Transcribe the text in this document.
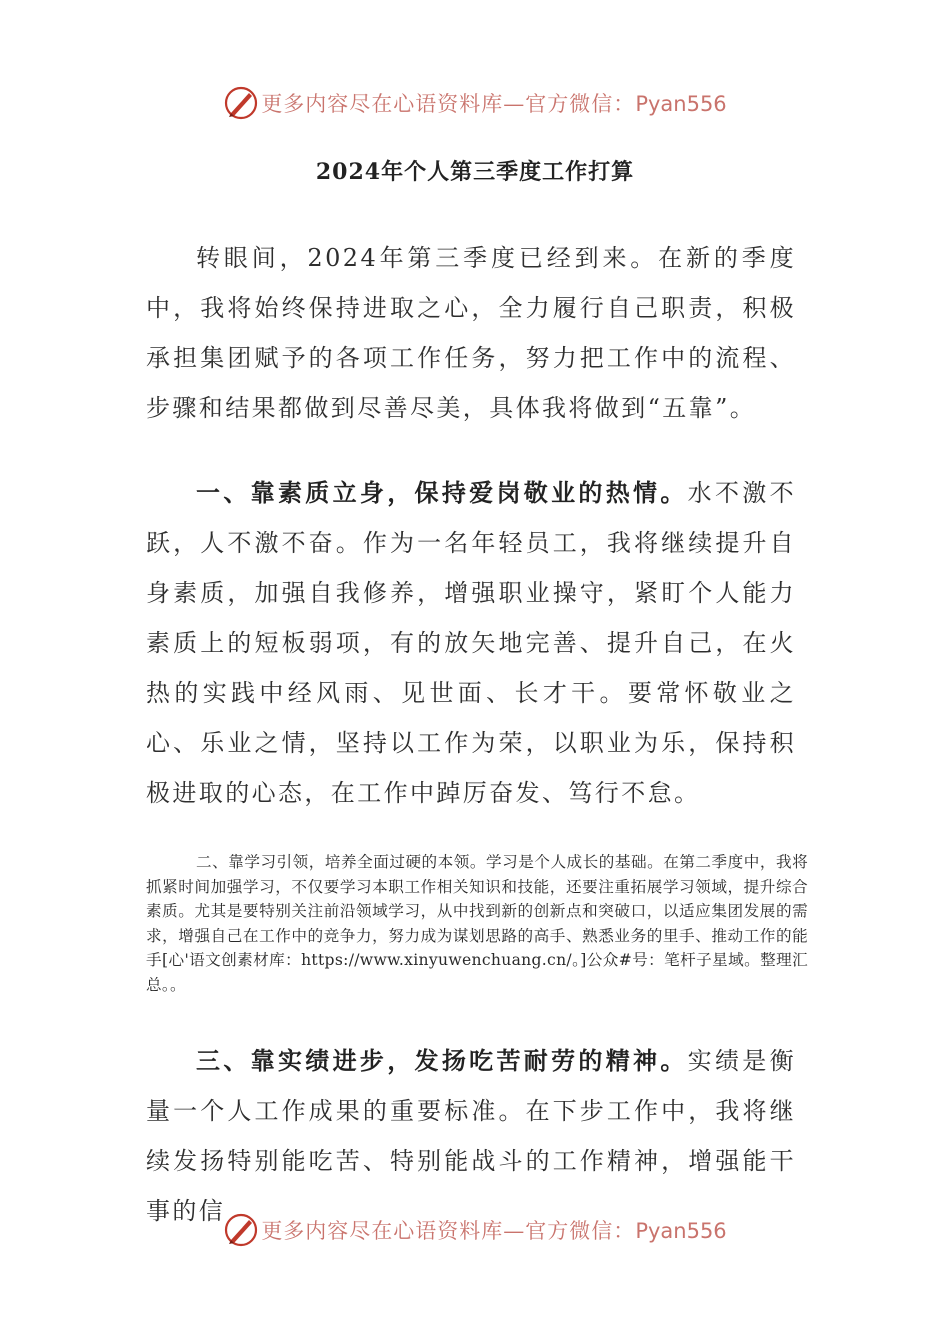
更多内容尽在心语资料库—官方微信：Pyan556
2024年个人第三季度工作打算

转眼间，2024年第三季度已经到来。在新的季度中，我将始终保持进取之心，全力履行自己职责，积极承担集团赋予的各项工作任务，努力把工作中的流程、步骤和结果都做到尽善尽美，具体我将做到“五靠”。

一、靠素质立身，保持爱岗敬业的热情。水不激不跃，人不激不奋。作为一名年轻员工，我将继续提升自身素质，加强自我修养，增强职业操守，紧盯个人能力素质上的短板弱项，有的放矢地完善、提升自己，在火热的实践中经风雨、见世面、长才干。要常怀敬业之心、乐业之情，坚持以工作为荣，以职业为乐，保持积极进取的心态，在工作中踔厉奋发、笃行不怠。

二、靠学习引领，培养全面过硬的本领。学习是个人成长的基础。在第二季度中，我将抓紧时间加强学习，不仅要学习本职工作相关知识和技能，还要注重拓展学习领域，提升综合素质。尤其是要特别关注前沿领域学习，从中找到新的创新点和突破口，以适应集团发展的需求，增强自己在工作中的竞争力，努力成为谋划思路的高手、熟悉业务的里手、推动工作的能手[心'语文创素材库：https://www.xinyuwenchuang.cn/。]公众#号：笔杆子星域。整理汇总。。

三、靠实绩进步，发扬吃苦耐劳的精神。实绩是衡量一个人工作成果的重要标准。在下步工作中，我将继续发扬特别能吃苦、特别能战斗的工作精神，增强能干事的信

更多内容尽在心语资料库—官方微信：Pyan556
